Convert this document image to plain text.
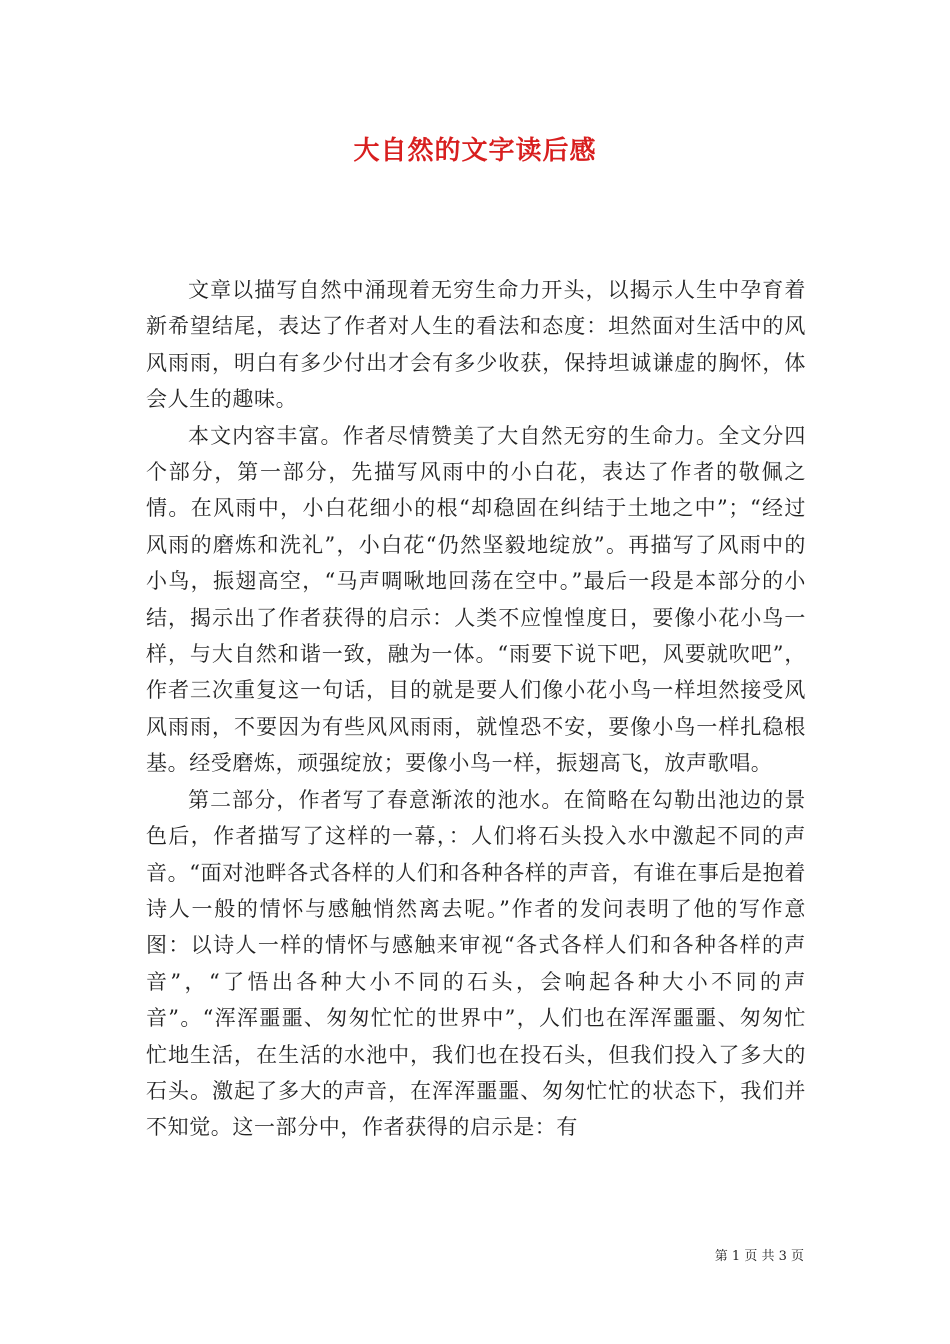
大自然的文字读后感

文章以描写自然中涌现着无穷生命力开头，以揭示人生中孕育着新希望结尾，表达了作者对人生的看法和态度：坦然面对生活中的风风雨雨，明白有多少付出才会有多少收获，保持坦诚谦虚的胸怀，体会人生的趣味。

本文内容丰富。作者尽情赞美了大自然无穷的生命力。全文分四个部分，第一部分，先描写风雨中的小白花，表达了作者的敬佩之情。在风雨中，小白花细小的根“却稳固在纠结于土地之中”；“经过风雨的磨炼和洗礼”，小白花“仍然坚毅地绽放”。再描写了风雨中的小鸟，振翅高空，“马声啁啾地回荡在空中。”最后一段是本部分的小结，揭示出了作者获得的启示：人类不应惶惶度日，要像小花小鸟一样，与大自然和谐一致，融为一体。“雨要下说下吧，风要就吹吧”，作者三次重复这一句话，目的就是要人们像小花小鸟一样坦然接受风风雨雨，不要因为有些风风雨雨，就惶恐不安，要像小鸟一样扎稳根基。经受磨炼，顽强绽放；要像小鸟一样，振翅高飞，放声歌唱。

第二部分，作者写了春意渐浓的池水。在简略在勾勒出池边的景色后，作者描写了这样的一幕，：人们将石头投入水中激起不同的声音。“面对池畔各式各样的人们和各种各样的声音，有谁在事后是抱着诗人一般的情怀与感触悄然离去呢。”作者的发问表明了他的写作意图：以诗人一样的情怀与感触来审视“各式各样人们和各种各样的声音”，“了悟出各种大小不同的石头，会响起各种大小不同的声音”。“浑浑噩噩、匆匆忙忙的世界中”，人们也在浑浑噩噩、匆匆忙忙地生活，在生活的水池中，我们也在投石头，但我们投入了多大的石头。激起了多大的声音，在浑浑噩噩、匆匆忙忙的状态下，我们并不知觉。这一部分中，作者获得的启示是：有

第 1 页 共 3 页
